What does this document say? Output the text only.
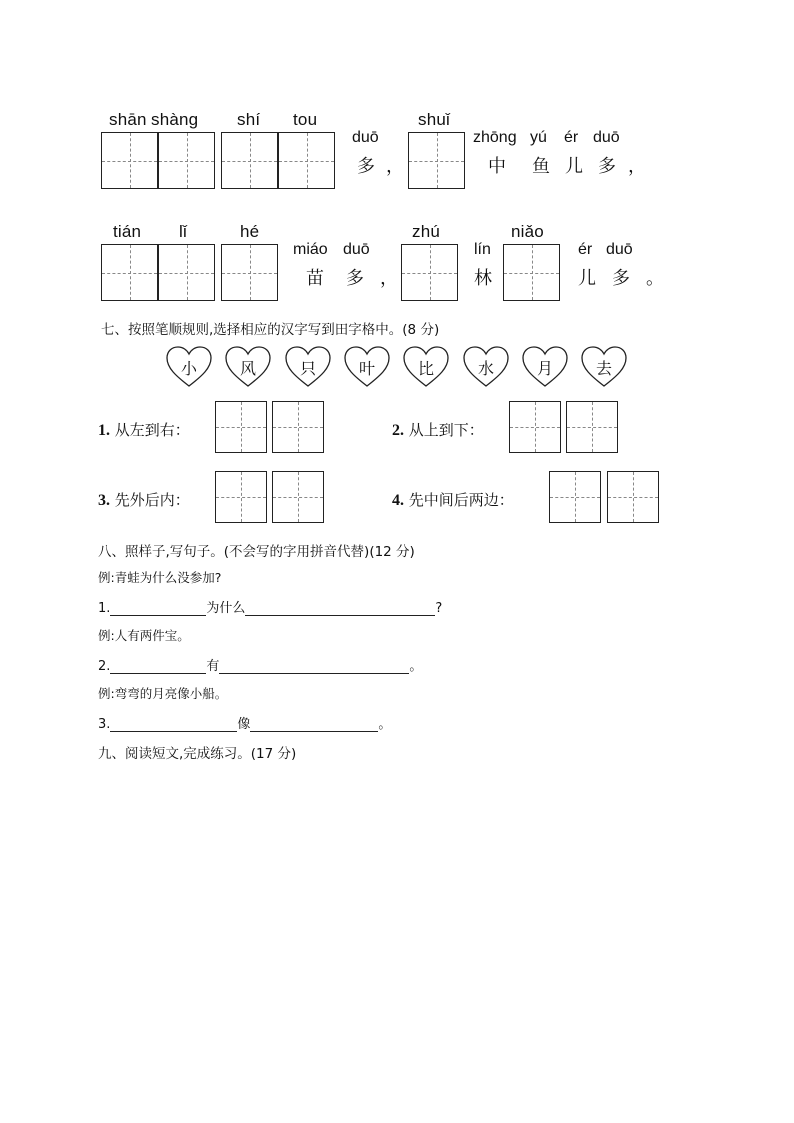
shān shàng shí tou
duō
shuǐ
zhōng yú ér duō
多 ，	中 鱼 儿 多 ，
tián lǐ	hé
miáo duō
zhú
lín
niǎo
ér duō
苗 多 ，	林	儿 多 。
七、按照笔顺规则,选择相应的汉字写到田字格中。(8 分)
小	风	只	叶	比	水	月	去
1. 从左到右：	2. 从上到下：
3. 先外后内：	4. 先中间后两边：
八、照样子,写句子。(不会写的字用拼音代替)(12 分)
例:青蛙为什么没参加?
1.	为什么	?
例:人有两件宝。
2.	有	。
例:弯弯的月亮像小船。
3.	像	。
九、阅读短文,完成练习。(17 分)
